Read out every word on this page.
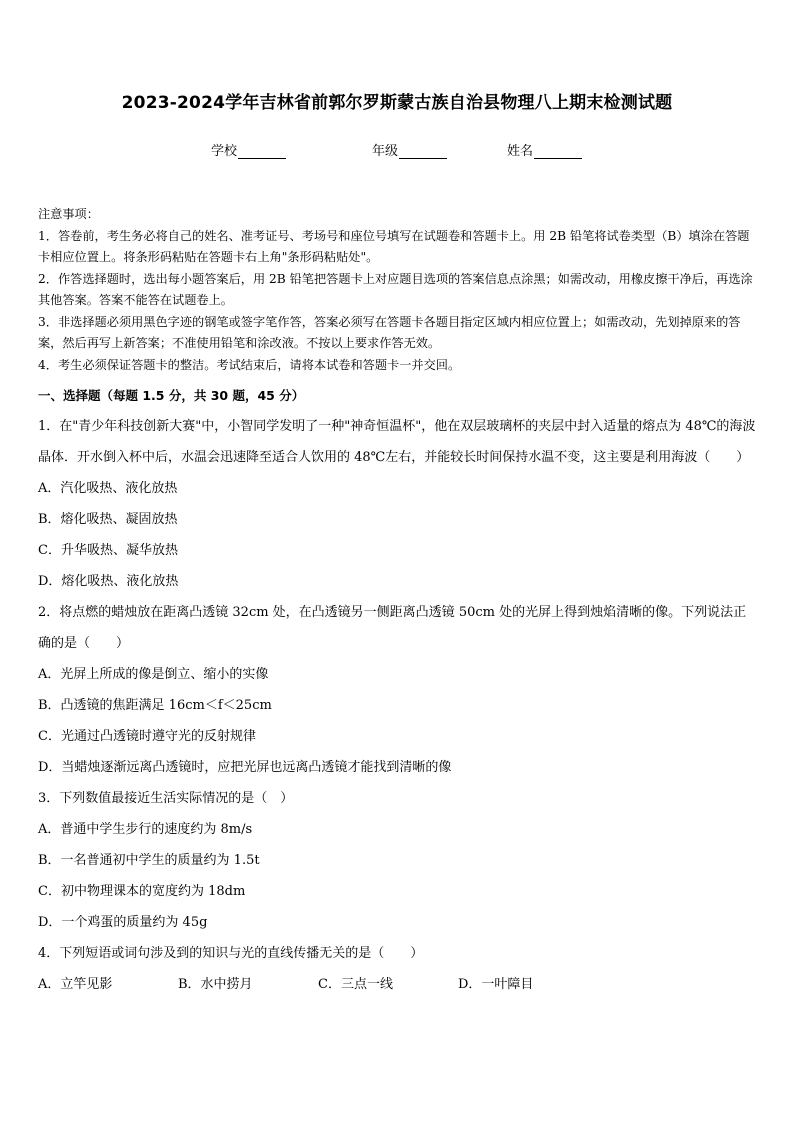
2023-2024学年吉林省前郭尔罗斯蒙古族自治县物理八上期末检测试题
学校	年级	姓名

注意事项：

1．答卷前，考生务必将自己的姓名、准考证号、考场号和座位号填写在试题卷和答题卡上。用 2B 铅笔将试卷类型（B）填涂在答题卡相应位置上。将条形码粘贴在答题卡右上角"条形码粘贴处"。

2．作答选择题时，选出每小题答案后，用 2B 铅笔把答题卡上对应题目选项的答案信息点涂黑；如需改动，用橡皮擦干净后，再选涂其他答案。答案不能答在试题卷上。

3．非选择题必须用黑色字迹的钢笔或签字笔作答，答案必须写在答题卡各题目指定区域内相应位置上；如需改动，先划掉原来的答案，然后再写上新答案；不准使用铅笔和涂改液。不按以上要求作答无效。

4．考生必须保证答题卡的整洁。考试结束后，请将本试卷和答题卡一并交回。

一、选择题（每题 1.5 分，共 30 题，45 分）

1．在"青少年科技创新大赛"中，小智同学发明了一种"神奇恒温杯"，他在双层玻璃杯的夹层中封入适量的熔点为 48℃的海波晶体．开水倒入杯中后，水温会迅速降至适合人饮用的 48℃左右，并能较长时间保持水温不变，这主要是利用海波（　　）

A．汽化吸热、液化放热

B．熔化吸热、凝固放热

C．升华吸热、凝华放热

D．熔化吸热、液化放热

2．将点燃的蜡烛放在距离凸透镜 32cm 处，在凸透镜另一侧距离凸透镜 50cm 处的光屏上得到烛焰清晰的像。下列说法正确的是（　　）

A．光屏上所成的像是倒立、缩小的实像

B．凸透镜的焦距满足 16cm＜f＜25cm

C．光通过凸透镜时遵守光的反射规律

D．当蜡烛逐渐远离凸透镜时，应把光屏也远离凸透镜才能找到清晰的像

3．下列数值最接近生活实际情况的是（　）

A．普通中学生步行的速度约为 8m/s

B．一名普通初中学生的质量约为 1.5t

C．初中物理课本的宽度约为 18dm

D．一个鸡蛋的质量约为 45g

4．下列短语或词句涉及到的知识与光的直线传播无关的是（　　）

A．立竿见影	B．水中捞月	C．三点一线	D．一叶障目
